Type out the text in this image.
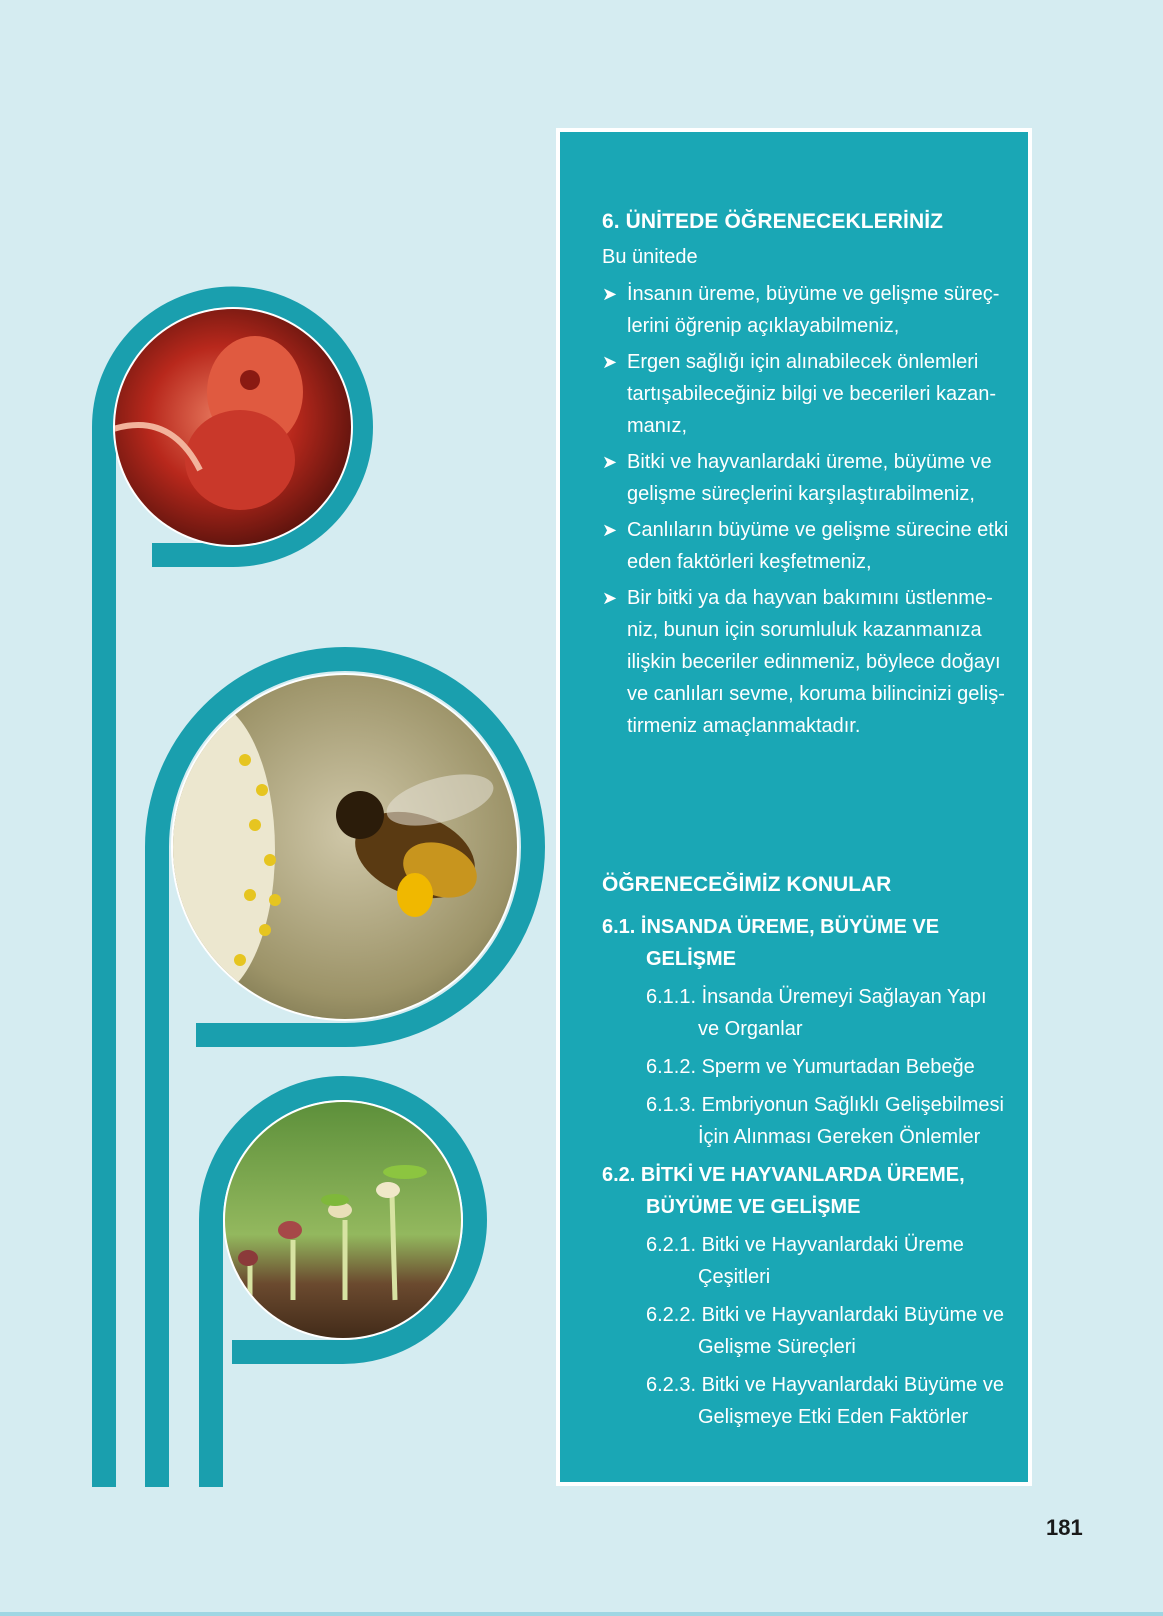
6. ÜNİTEDE ÖĞRENECEKLERİNİZ
Bu ünitede
➤ İnsanın üreme, büyüme ve gelişme süreç-lerini öğrenip açıklayabilmeniz,
➤ Ergen sağlığı için alınabilecek önlemleri tartışabileceğiniz bilgi ve becerileri kazan-manız,
➤ Bitki ve hayvanlardaki üreme, büyüme ve gelişme süreçlerini karşılaştırabilmeniz,
➤ Canlıların büyüme ve gelişme sürecine etki eden faktörleri keşfetmeniz,
➤ Bir bitki ya da hayvan bakımını üstlenme-niz, bunun için sorumluluk kazanmanıza ilişkin beceriler edinmeniz, böylece doğayı ve canlıları sevme, koruma bilincinizi geliş-tirmeniz amaçlanmaktadır.
ÖĞRENECEĞİMİZ KONULAR
6.1. İNSANDA ÜREME, BÜYÜME VE GELİŞME
6.1.1. İnsanda Üremeyi Sağlayan Yapı ve Organlar
6.1.2. Sperm ve Yumurtadan Bebeğe
6.1.3. Embriyonun Sağlıklı Gelişebilmesi İçin Alınması Gereken Önlemler
6.2. BİTKİ VE HAYVANLARDA ÜREME, BÜYÜME VE GELİŞME
6.2.1. Bitki ve Hayvanlardaki Üreme Çeşitleri
6.2.2. Bitki ve Hayvanlardaki Büyüme ve Gelişme Süreçleri
6.2.3. Bitki ve Hayvanlardaki Büyüme ve Gelişmeye Etki Eden Faktörler
181
